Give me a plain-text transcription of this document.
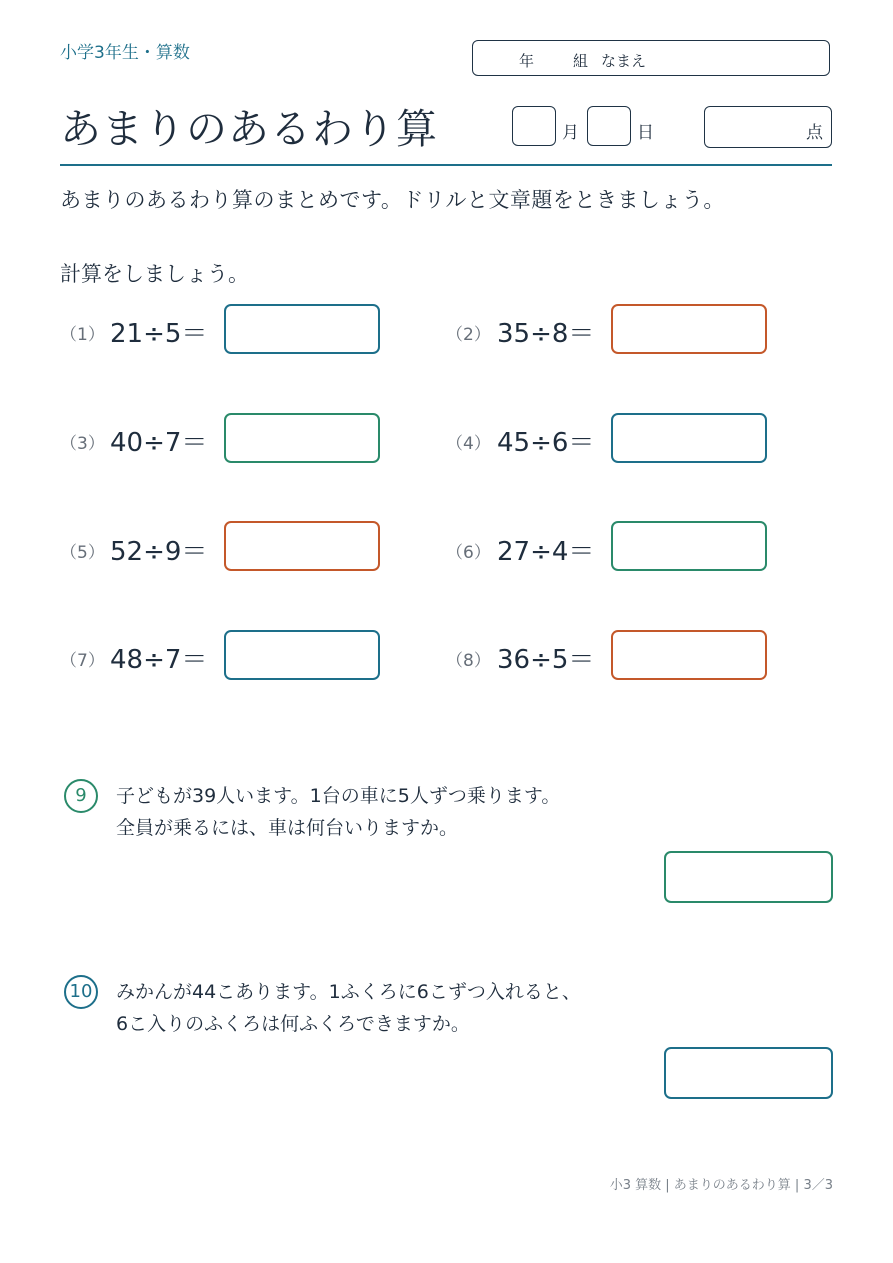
小学3年生・算数	年	組 なまえ
あまりのあるわり算	月	日	点
あまりのあるわり算のまとめです。ドリルと文章題をときましょう。
計算をしましょう。
（1） 21÷5＝	（2） 35÷8＝
（3） 40÷7＝	（4） 45÷6＝
（5） 52÷9＝	（6） 27÷4＝
（7） 48÷7＝	（8） 36÷5＝
9	子どもが39人います。1台の車に5人ずつ乗ります。
全員が乗るには、車は何台いりますか。
10 みかんが44こあります。1ふくろに6こずつ入れると、
6こ入りのふくろは何ふくろできますか。
小3 算数 | あまりのあるわり算 | 3／3
